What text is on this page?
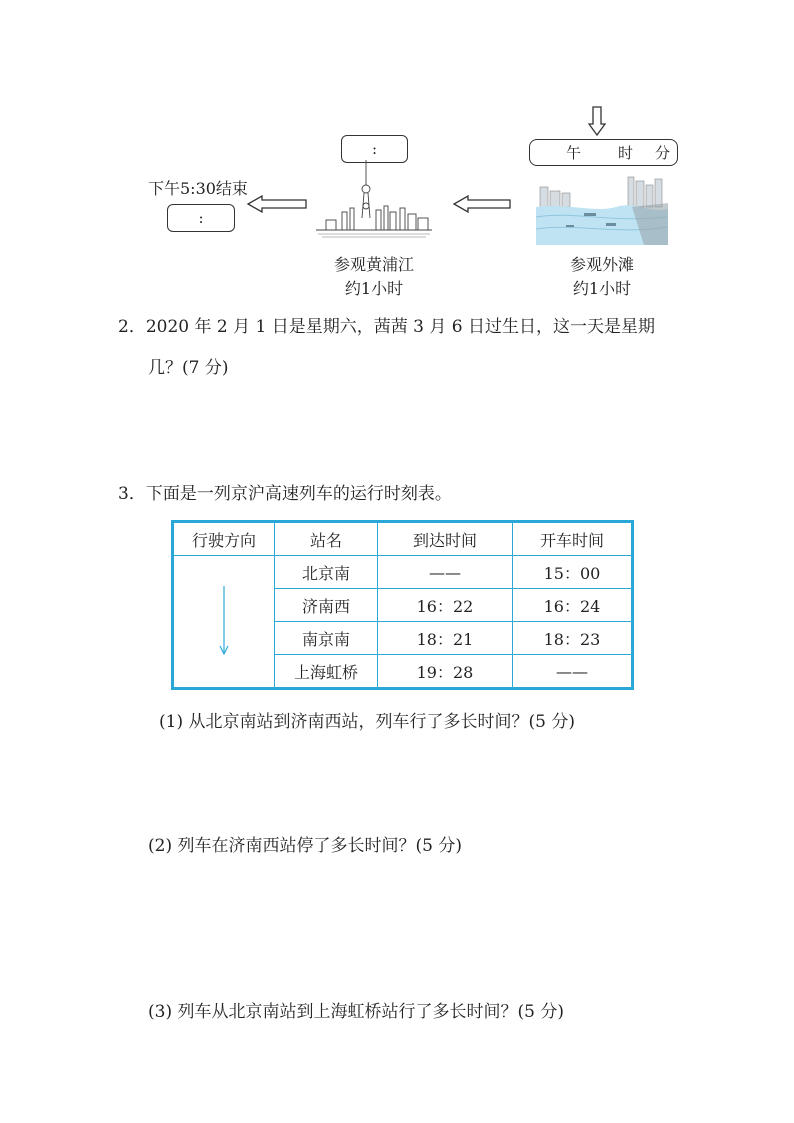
下午5:30结束
:
:
参观黄浦江
约1小时
午 时 分
参观外滩
约1小时
2．2020 年 2 月 1 日是星期六，茜茜 3 月 6 日过生日，这一天是星期
几？(7 分)
3．下面是一列京沪高速列车的运行时刻表。
行驶方向	站名	到达时间	开车时间
	北京南	——	15：00
	济南西	16：22	16：24
	南京南	18：21	18：23
	上海虹桥	19：28	——
(1) 从北京南站到济南西站，列车行了多长时间？(5 分)
(2) 列车在济南西站停了多长时间？(5 分)
(3) 列车从北京南站到上海虹桥站行了多长时间？(5 分)
